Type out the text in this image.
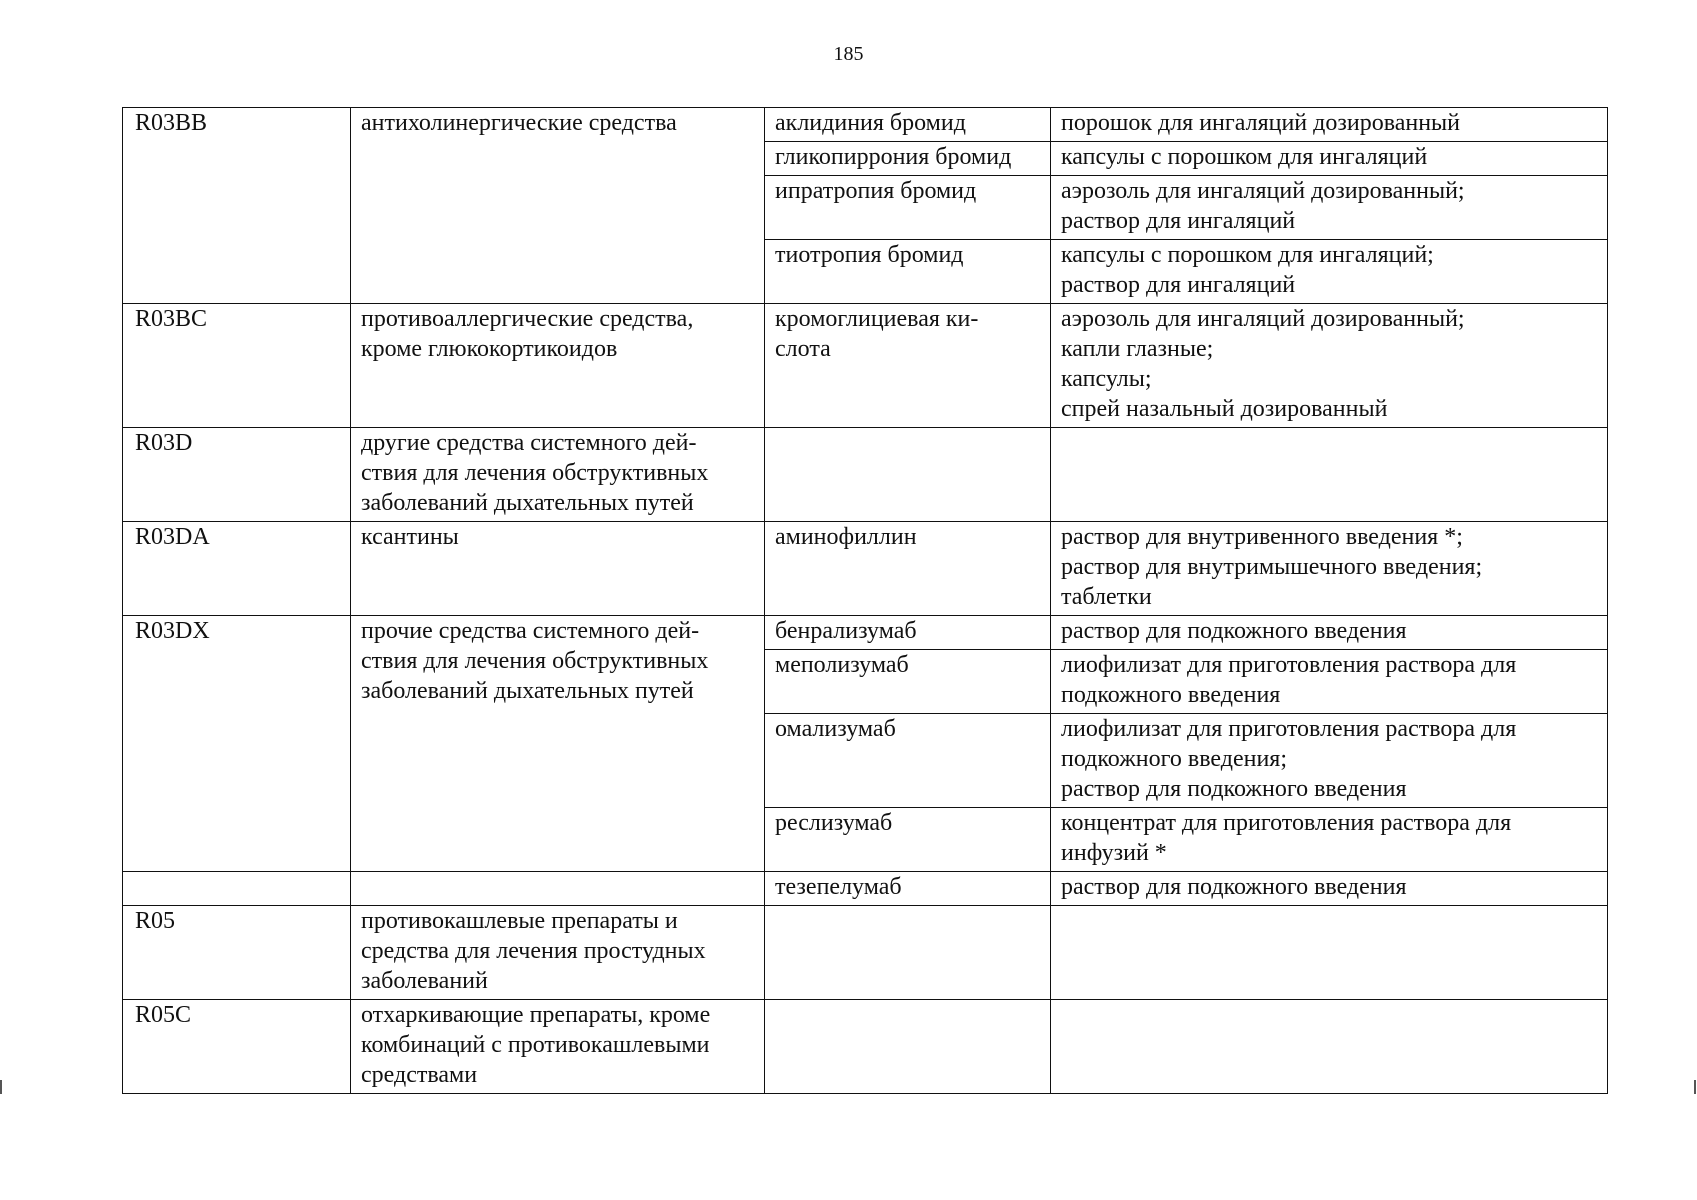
185
R03BB	антихолинергические средства	аклидиния бромид	порошок для ингаляций дозированный

		гликопиррония бромид	капсулы с порошком для ингаляций

		ипратропия бромид	аэрозоль для ингаляций дозированный;
раствор для ингаляций

		тиотропия бромид	капсулы с порошком для ингаляций;
раствор для ингаляций

R03BC	противоаллергические средства,
кроме глюкокортикоидов	кромоглициевая ки-
слота	аэрозоль для ингаляций дозированный;
капли глазные;
капсулы;
спрей назальный дозированный

R03D	другие средства системного дей-
ствия для лечения обструктивных
заболеваний дыхательных путей		

R03DA	ксантины	аминофиллин	раствор для внутривенного введения *;
раствор для внутримышечного введения;
таблетки

R03DX	прочие средства системного дей-
ствия для лечения обструктивных
заболеваний дыхательных путей	бенрализумаб	раствор для подкожного введения

		меполизумаб	лиофилизат для приготовления раствора для
подкожного введения

		омализумаб	лиофилизат для приготовления раствора для
подкожного введения;
раствор для подкожного введения

		реслизумаб	концентрат для приготовления раствора для
инфузий *

		тезепелумаб	раствор для подкожного введения

R05	противокашлевые препараты и
средства для лечения простудных
заболеваний		

R05C	отхаркивающие препараты, кроме
комбинаций с противокашлевыми
средствами		
